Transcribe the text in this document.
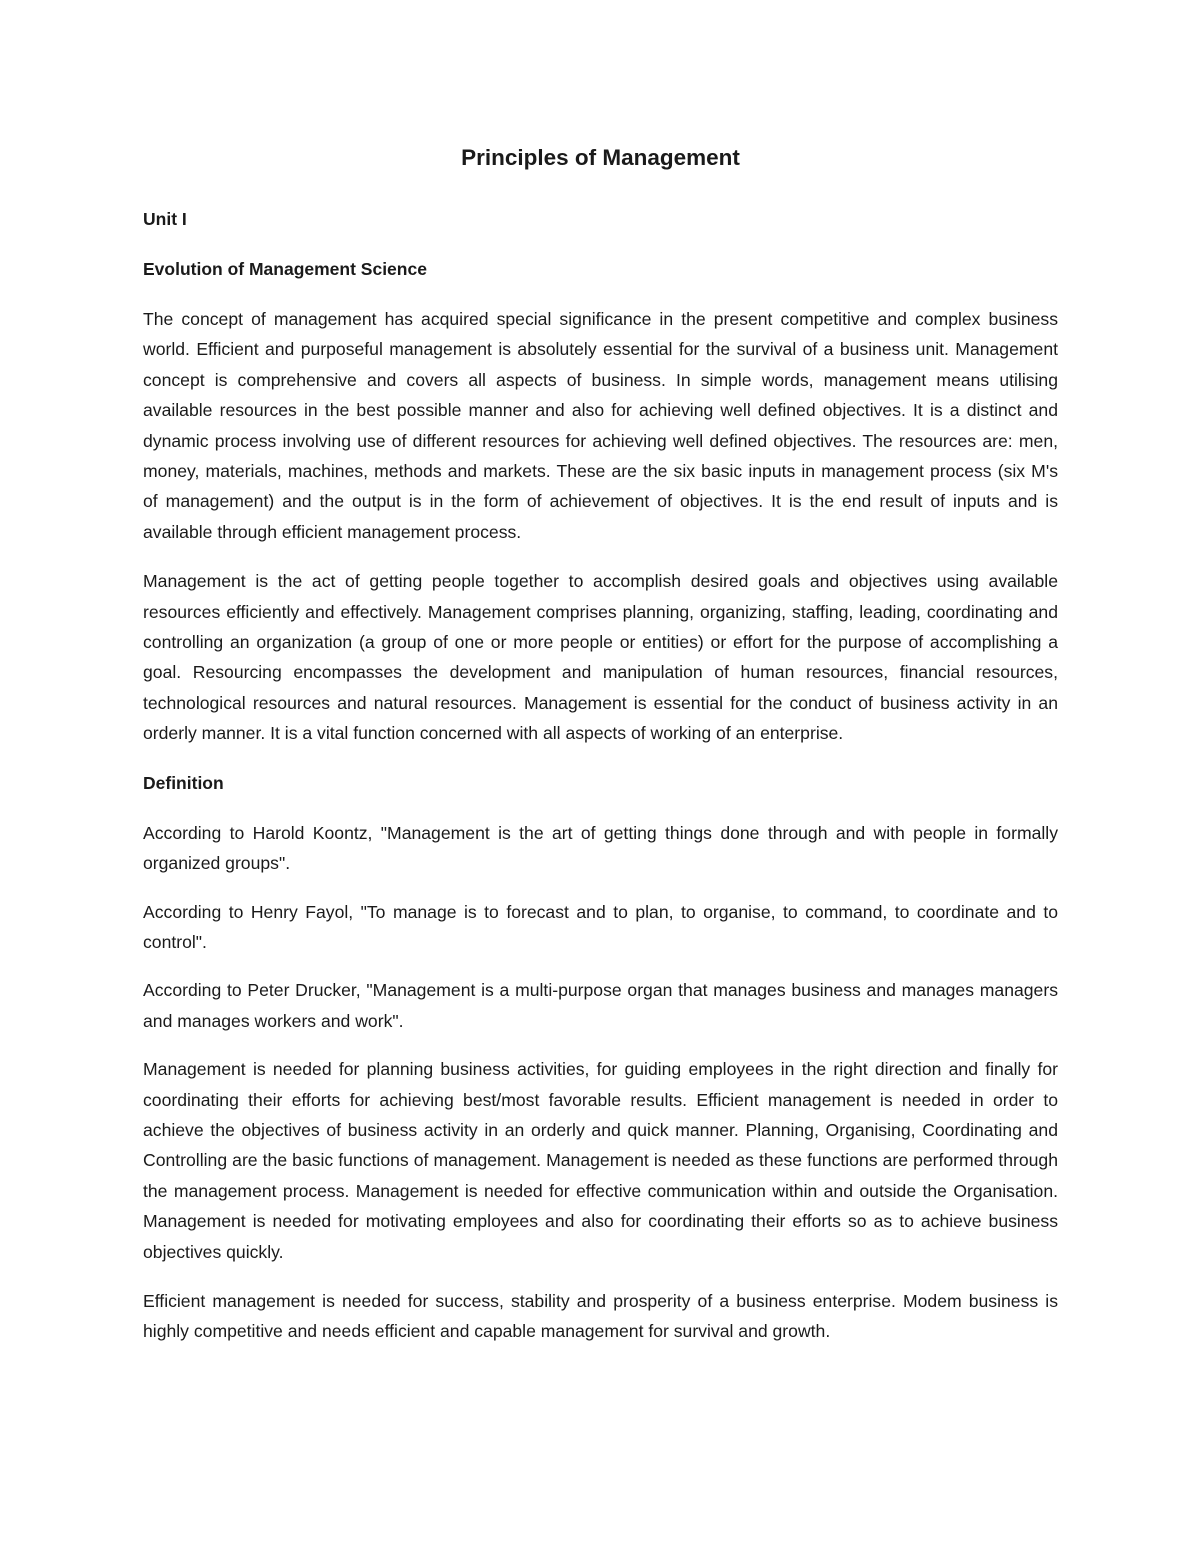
Principles of Management

Unit I

Evolution of Management Science

The concept of management has acquired special significance in the present competitive and complex business world. Efficient and purposeful management is absolutely essential for the survival of a business unit. Management concept is comprehensive and covers all aspects of business. In simple words, management means utilising available resources in the best possible manner and also for achieving well defined objectives. It is a distinct and dynamic process involving use of different resources for achieving well defined objectives. The resources are: men, money, materials, machines, methods and markets. These are the six basic inputs in management process (six M's of management) and the output is in the form of achievement of objectives. It is the end result of inputs and is available through efficient management process.

Management is the act of getting people together to accomplish desired goals and objectives using available resources efficiently and effectively. Management comprises planning, organizing, staffing, leading, coordinating and controlling an organization (a group of one or more people or entities) or effort for the purpose of accomplishing a goal. Resourcing encompasses the development and manipulation of human resources, financial resources, technological resources and natural resources. Management is essential for the conduct of business activity in an orderly manner. It is a vital function concerned with all aspects of working of an enterprise.

Definition

According to Harold Koontz, "Management is the art of getting things done through and with people in formally organized groups".

According to Henry Fayol, "To manage is to forecast and to plan, to organise, to command, to coordinate and to control".

According to Peter Drucker, "Management is a multi-purpose organ that manages business and manages managers and manages workers and work".

Management is needed for planning business activities, for guiding employees in the right direction and finally for coordinating their efforts for achieving best/most favorable results. Efficient management is needed in order to achieve the objectives of business activity in an orderly and quick manner. Planning, Organising, Coordinating and Controlling are the basic functions of management. Management is needed as these functions are performed through the management process. Management is needed for effective communication within and outside the Organisation. Management is needed for motivating employees and also for coordinating their efforts so as to achieve business objectives quickly.

Efficient management is needed for success, stability and prosperity of a business enterprise. Modem business is highly competitive and needs efficient and capable management for survival and growth.
